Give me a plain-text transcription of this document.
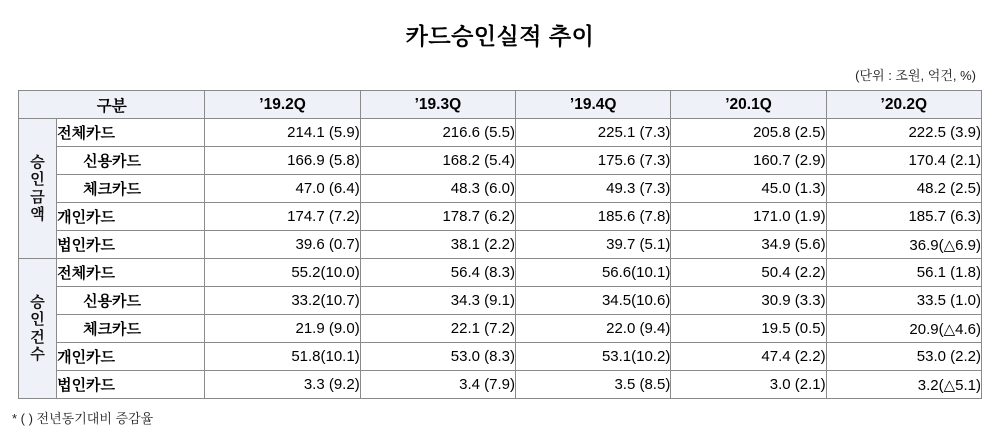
카드승인실적 추이
(단위 : 조원, 억건, %)
구분		’19.2Q	’19.3Q	’19.4Q	’20.1Q	’20.2Q

승
인
금
액	전체카드	214.1 (5.9)	216.6 (5.5)	225.1 (7.3)	205.8 (2.5)	222.5 (3.9)
	신용카드	166.9 (5.8)	168.2 (5.4)	175.6 (7.3)	160.7 (2.9)	170.4 (2.1)
	체크카드	47.0 (6.4)	48.3 (6.0)	49.3 (7.3)	45.0 (1.3)	48.2 (2.5)
	개인카드	174.7 (7.2)	178.7 (6.2)	185.6 (7.8)	171.0 (1.9)	185.7 (6.3)
	법인카드	39.6 (0.7)	38.1 (2.2)	39.7 (5.1)	34.9 (5.6)	36.9(△6.9)

승
인
건
수	전체카드	55.2(10.0)	56.4 (8.3)	56.6(10.1)	50.4 (2.2)	56.1 (1.8)
	신용카드	33.2(10.7)	34.3 (9.1)	34.5(10.6)	30.9 (3.3)	33.5 (1.0)
	체크카드	21.9 (9.0)	22.1 (7.2)	22.0 (9.4)	19.5 (0.5)	20.9(△4.6)
	개인카드	51.8(10.1)	53.0 (8.3)	53.1(10.2)	47.4 (2.2)	53.0 (2.2)
	법인카드	3.3 (9.2)	3.4 (7.9)	3.5 (8.5)	3.0 (2.1)	3.2(△5.1)
* ( ) 전년동기대비 증감율
